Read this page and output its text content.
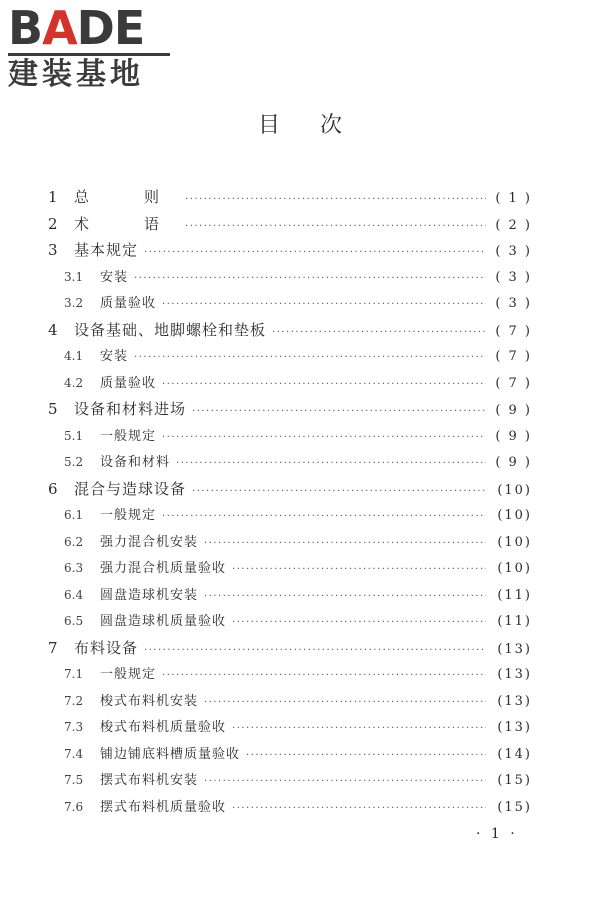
BADE
建装基地
目次
1	总　则 ·····	( 1 )
2	术　语 ·····	( 2 )
3	基本规定 ·····	( 3 )
3.1	安装 ·····	( 3 )
3.2	质量验收 ·····	( 3 )
4	设备基础、地脚螺栓和垫板 ·····	( 7 )
4.1	安装 ·····	( 7 )
4.2	质量验收 ·····	( 7 )
5	设备和材料进场 ·····	( 9 )
5.1	一般规定 ·····	( 9 )
5.2	设备和材料 ·····	( 9 )
6	混合与造球设备 ·····	(10)
6.1	一般规定 ·····	(10)
6.2	强力混合机安装 ·····	(10)
6.3	强力混合机质量验收 ·····	(10)
6.4	圆盘造球机安装 ·····	(11)
6.5	圆盘造球机质量验收 ·····	(11)
7	布料设备 ·····	(13)
7.1	一般规定 ·····	(13)
7.2	梭式布料机安装 ·····	(13)
7.3	梭式布料机质量验收 ·····	(13)
7.4	铺边铺底料槽质量验收 ·····	(14)
7.5	摆式布料机安装 ·····	(15)
7.6	摆式布料机质量验收 ·····	(15)
· 1 ·
